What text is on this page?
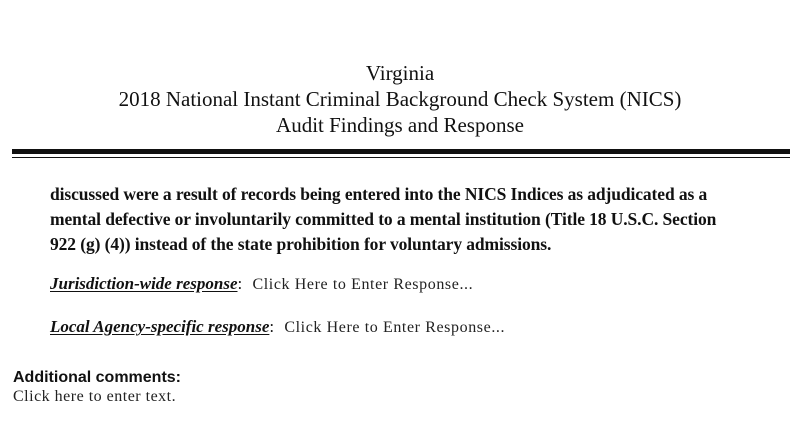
Virginia
2018 National Instant Criminal Background Check System (NICS)
Audit Findings and Response

discussed were a result of records being entered into the NICS Indices as adjudicated as a
mental defective or involuntarily committed to a mental institution (Title 18 U.S.C. Section
922 (g) (4)) instead of the state prohibition for voluntary admissions.

Jurisdiction-wide response: Click Here to Enter Response...
Local Agency-specific response: Click Here to Enter Response...
Additional comments:
Click here to enter text.
